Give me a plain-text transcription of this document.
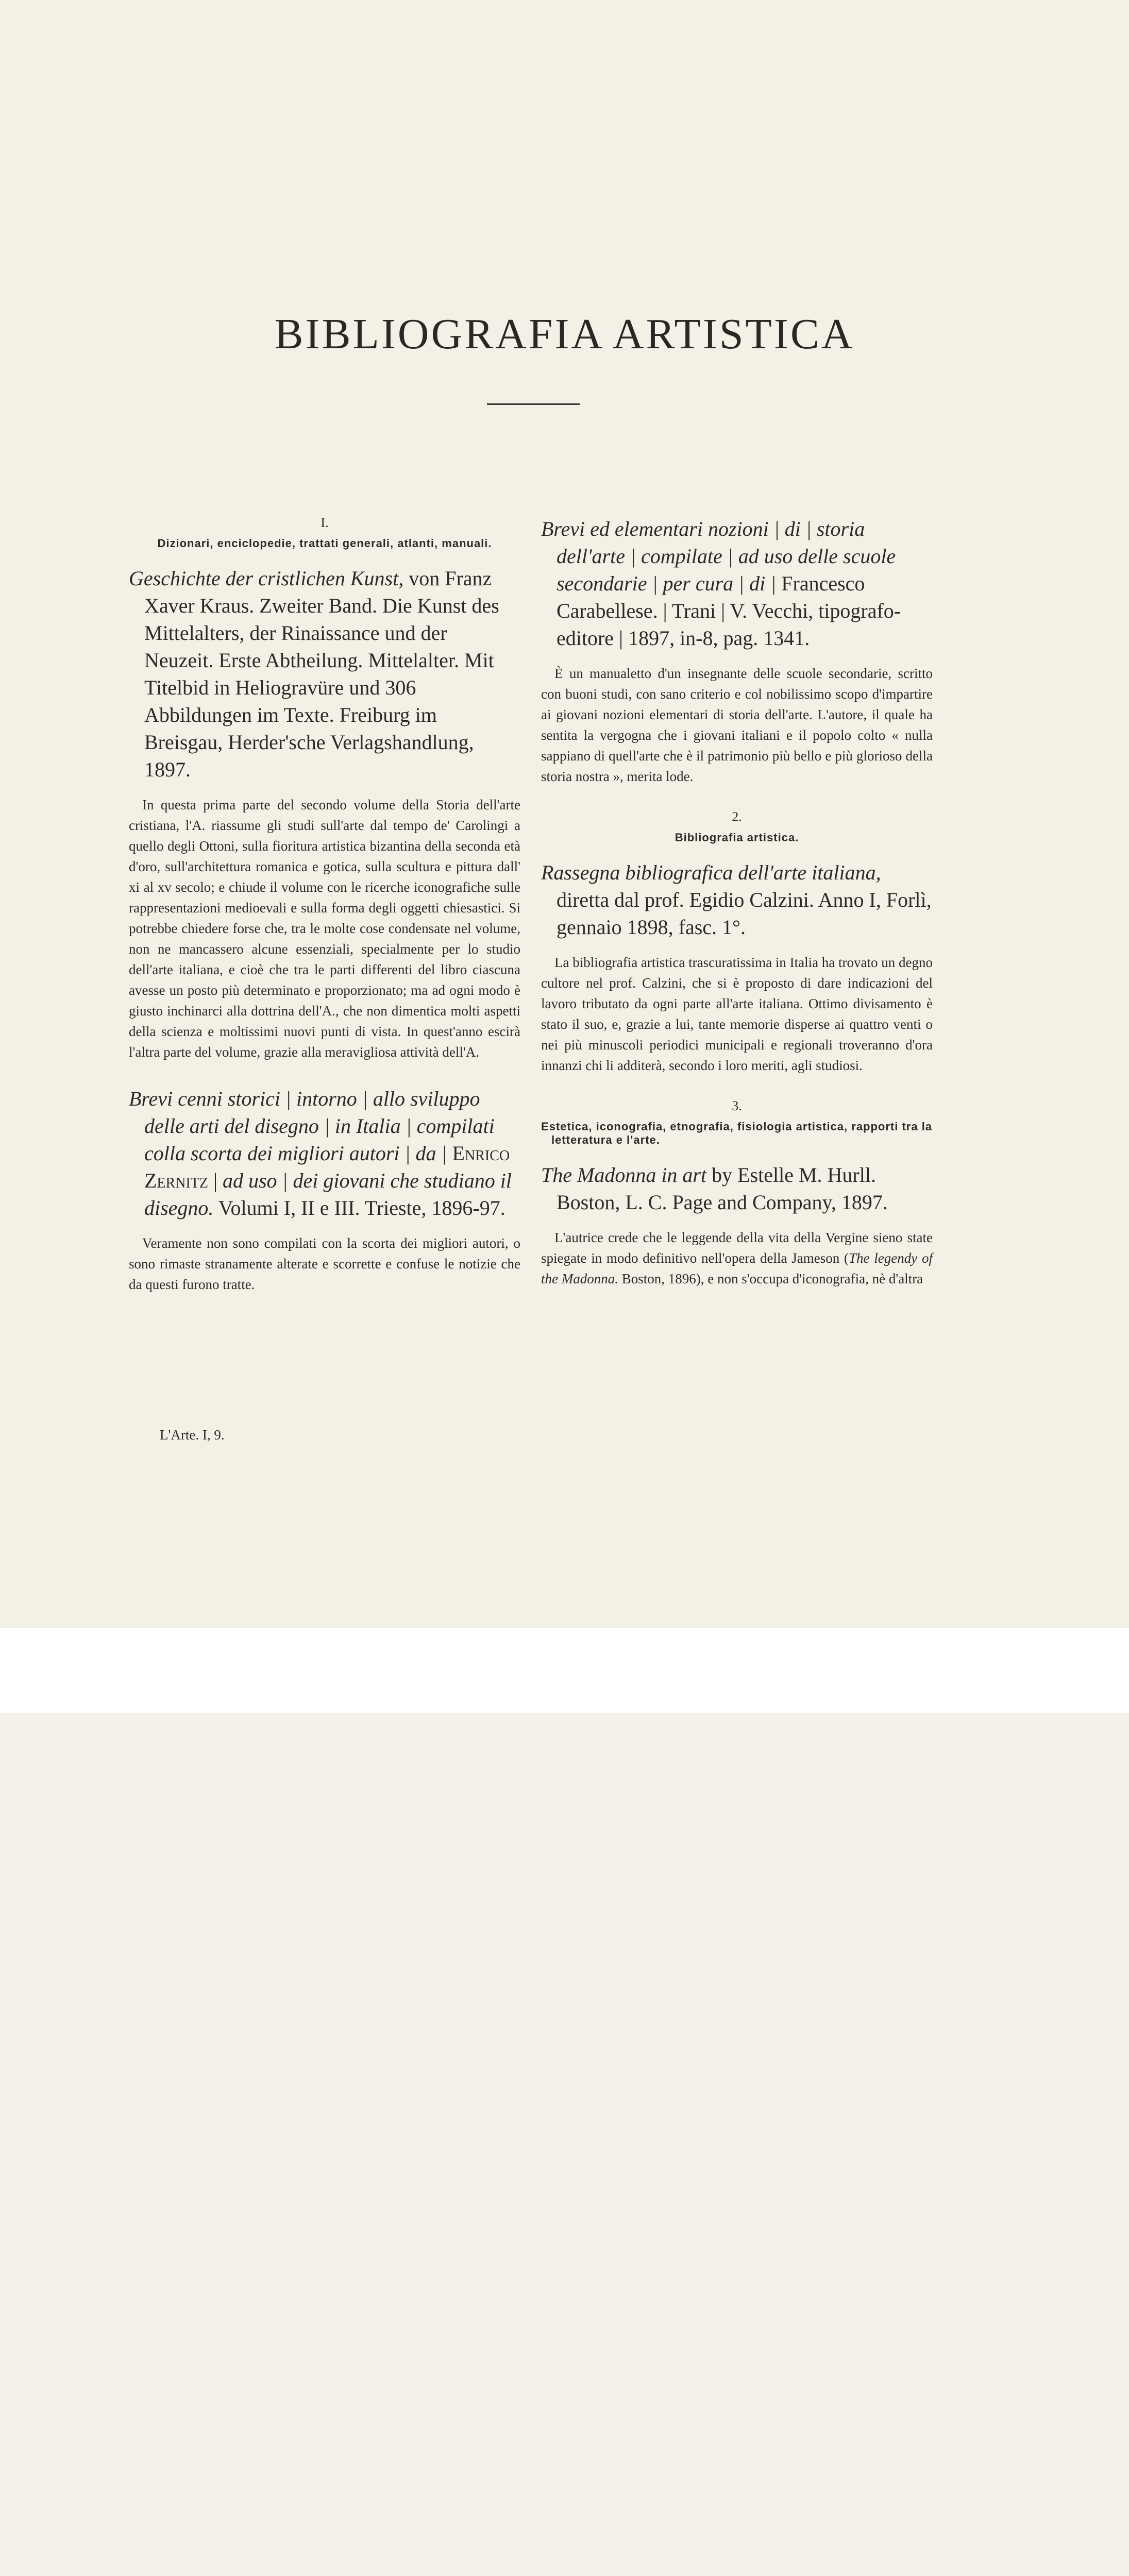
BIBLIOGRAFIA ARTISTICA
I.
Dizionari, enciclopedie, trattati generali, atlanti, manuali.
Geschichte der cristlichen Kunst, von Franz Xaver Kraus. Zweiter Band. Die Kunst des Mittelalters, der Rinaissance und der Neuzeit. Erste Abtheilung. Mittelalter. Mit Titelbid in Heliogravüre und 306 Abbildungen im Texte. Freiburg im Breisgau, Herder'sche Verlagshandlung, 1897.
In questa prima parte del secondo volume della Storia dell'arte cristiana, l'A. riassume gli studi sull'arte dal tempo de' Carolingi a quello degli Ottoni, sulla fioritura artistica bizantina della seconda età d'oro, sull'architettura romanica e gotica, sulla scultura e pittura dall' xi al xv secolo; e chiude il volume con le ricerche iconografiche sulle rappresentazioni medioevali e sulla forma degli oggetti chiesastici. Si potrebbe chiedere forse che, tra le molte cose condensate nel volume, non ne mancassero alcune essenziali, specialmente per lo studio dell'arte italiana, e cioè che tra le parti differenti del libro ciascuna avesse un posto più determinato e proporzionato; ma ad ogni modo è giusto inchinarci alla dottrina dell'A., che non dimentica molti aspetti della scienza e moltissimi nuovi punti di vista. In quest'anno escirà l'altra parte del volume, grazie alla meravigliosa attività dell'A.
Brevi cenni storici | intorno | allo sviluppo delle arti del disegno | in Italia | compilati colla scorta dei migliori autori | da | Enrico Zernitz | ad uso | dei giovani che studiano il disegno. Volumi I, II e III. Trieste, 1896-97.
Veramente non sono compilati con la scorta dei migliori autori, o sono rimaste stranamente alterate e scorrette e confuse le notizie che da questi furono tratte.
Brevi ed elementari nozioni | di | storia dell'arte | compilate | ad uso delle scuole secondarie | per cura | di | Francesco Carabellese. | Trani | V. Vecchi, tipografo-editore | 1897, in-8, pag. 1341.
È un manualetto d'un insegnante delle scuole secondarie, scritto con buoni studi, con sano criterio e col nobilissimo scopo d'impartire ai giovani nozioni elementari di storia dell'arte. L'autore, il quale ha sentita la vergogna che i giovani italiani e il popolo colto « nulla sappiano di quell'arte che è il patrimonio più bello e più glorioso della storia nostra », merita lode.
2.
Bibliografia artistica.
Rassegna bibliografica dell'arte italiana, diretta dal prof. Egidio Calzini. Anno I, Forlì, gennaio 1898, fasc. 1°.
La bibliografia artistica trascuratissima in Italia ha trovato un degno cultore nel prof. Calzini, che si è proposto di dare indicazioni del lavoro tributato da ogni parte all'arte italiana. Ottimo divisamento è stato il suo, e, grazie a lui, tante memorie disperse ai quattro venti o nei più minuscoli periodici municipali e regionali troveranno d'ora innanzi chi li additerà, secondo i loro meriti, agli studiosi.
3.
Estetica, iconografia, etnografia, fisiologia artistica, rapporti tra la letteratura e l'arte.
The Madonna in art by Estelle M. Hurll. Boston, L. C. Page and Company, 1897.
L'autrice crede che le leggende della vita della Vergine sieno state spiegate in modo definitivo nell'opera della Jameson (The legendy of the Madonna. Boston, 1896), e non s'occupa d'iconografia, nè d'altra
L'Arte. I, 9.
